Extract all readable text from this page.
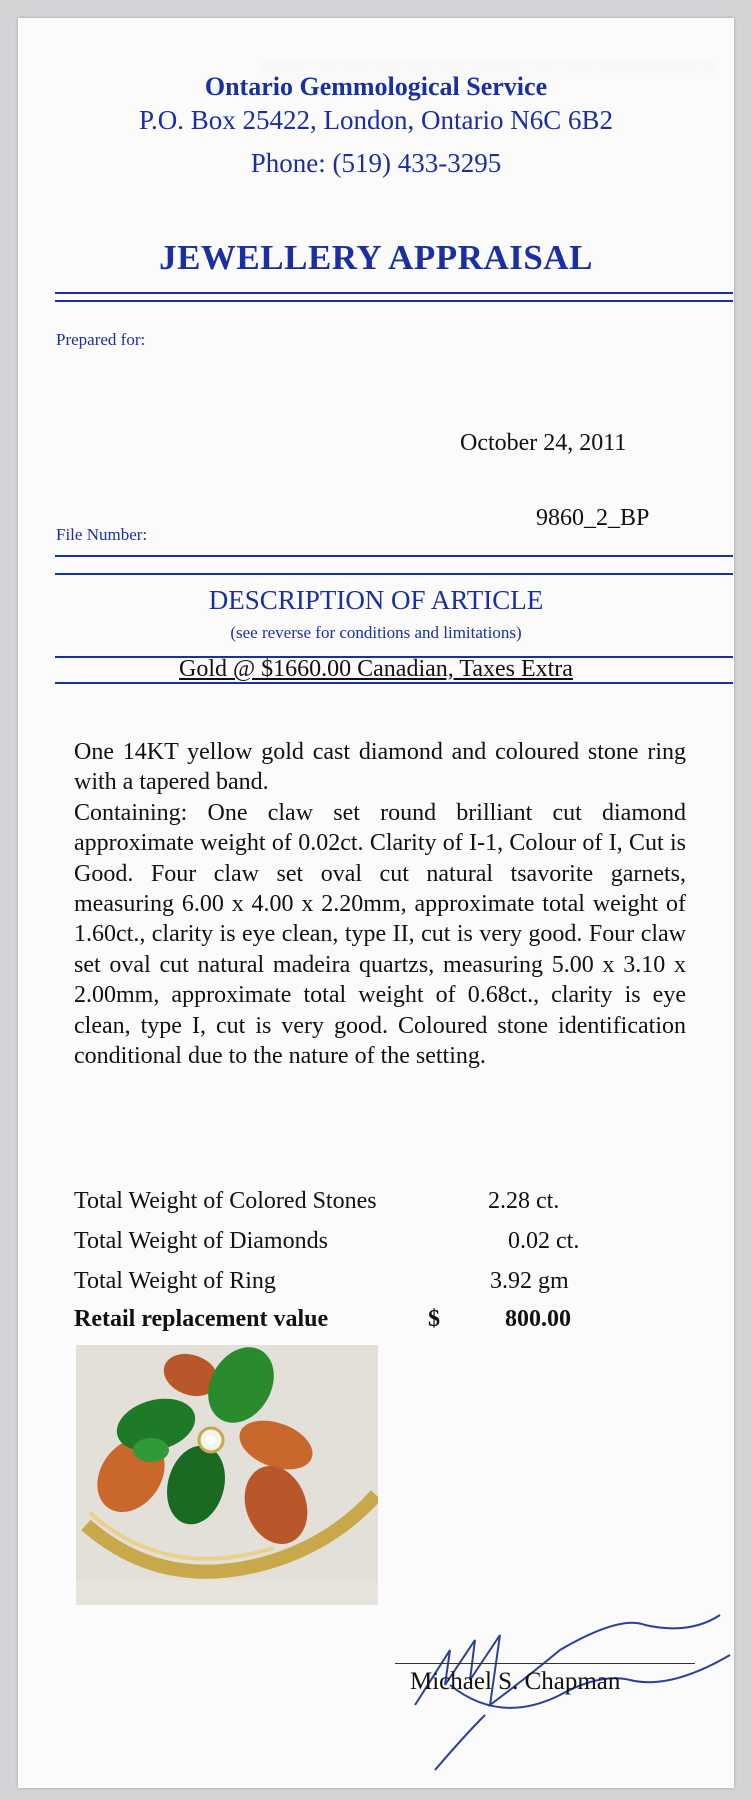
░░░░░░░░░░░░░░░░░░░░░░░░░░░░░░░░░░░░░░░░░░░

Ontario Gemmological Service
P.O. Box 25422, London, Ontario N6C 6B2
Phone: (519) 433-3295
JEWELLERY APPRAISAL
Prepared for:
October 24, 2011
File Number:
9860_2_BP
DESCRIPTION OF ARTICLE
(see reverse for conditions and limitations)
Gold @ $1660.00 Canadian, Taxes Extra

One 14KT yellow gold cast diamond and coloured stone ring with a tapered band.

Containing: One claw set round brilliant cut diamond approximate weight of 0.02ct. Clarity of I-1, Colour of I, Cut is Good. Four claw set oval cut natural tsavorite garnets, measuring 6.00 x 4.00 x 2.20mm, approximate total weight of 1.60ct., clarity is eye clean, type II, cut is very good. Four claw set oval cut natural madeira quartzs, measuring 5.00 x 3.10 x 2.00mm, approximate total weight of 0.68ct., clarity is eye clean, type I, cut is very good. Coloured stone identification conditional due to the nature of the setting.

Total Weight of Colored Stones	2.28 ct.
Total Weight of Diamonds	0.02 ct.
Total Weight of Ring	3.92 gm
Retail replacement value	$	800.00
Michael S. Chapman
